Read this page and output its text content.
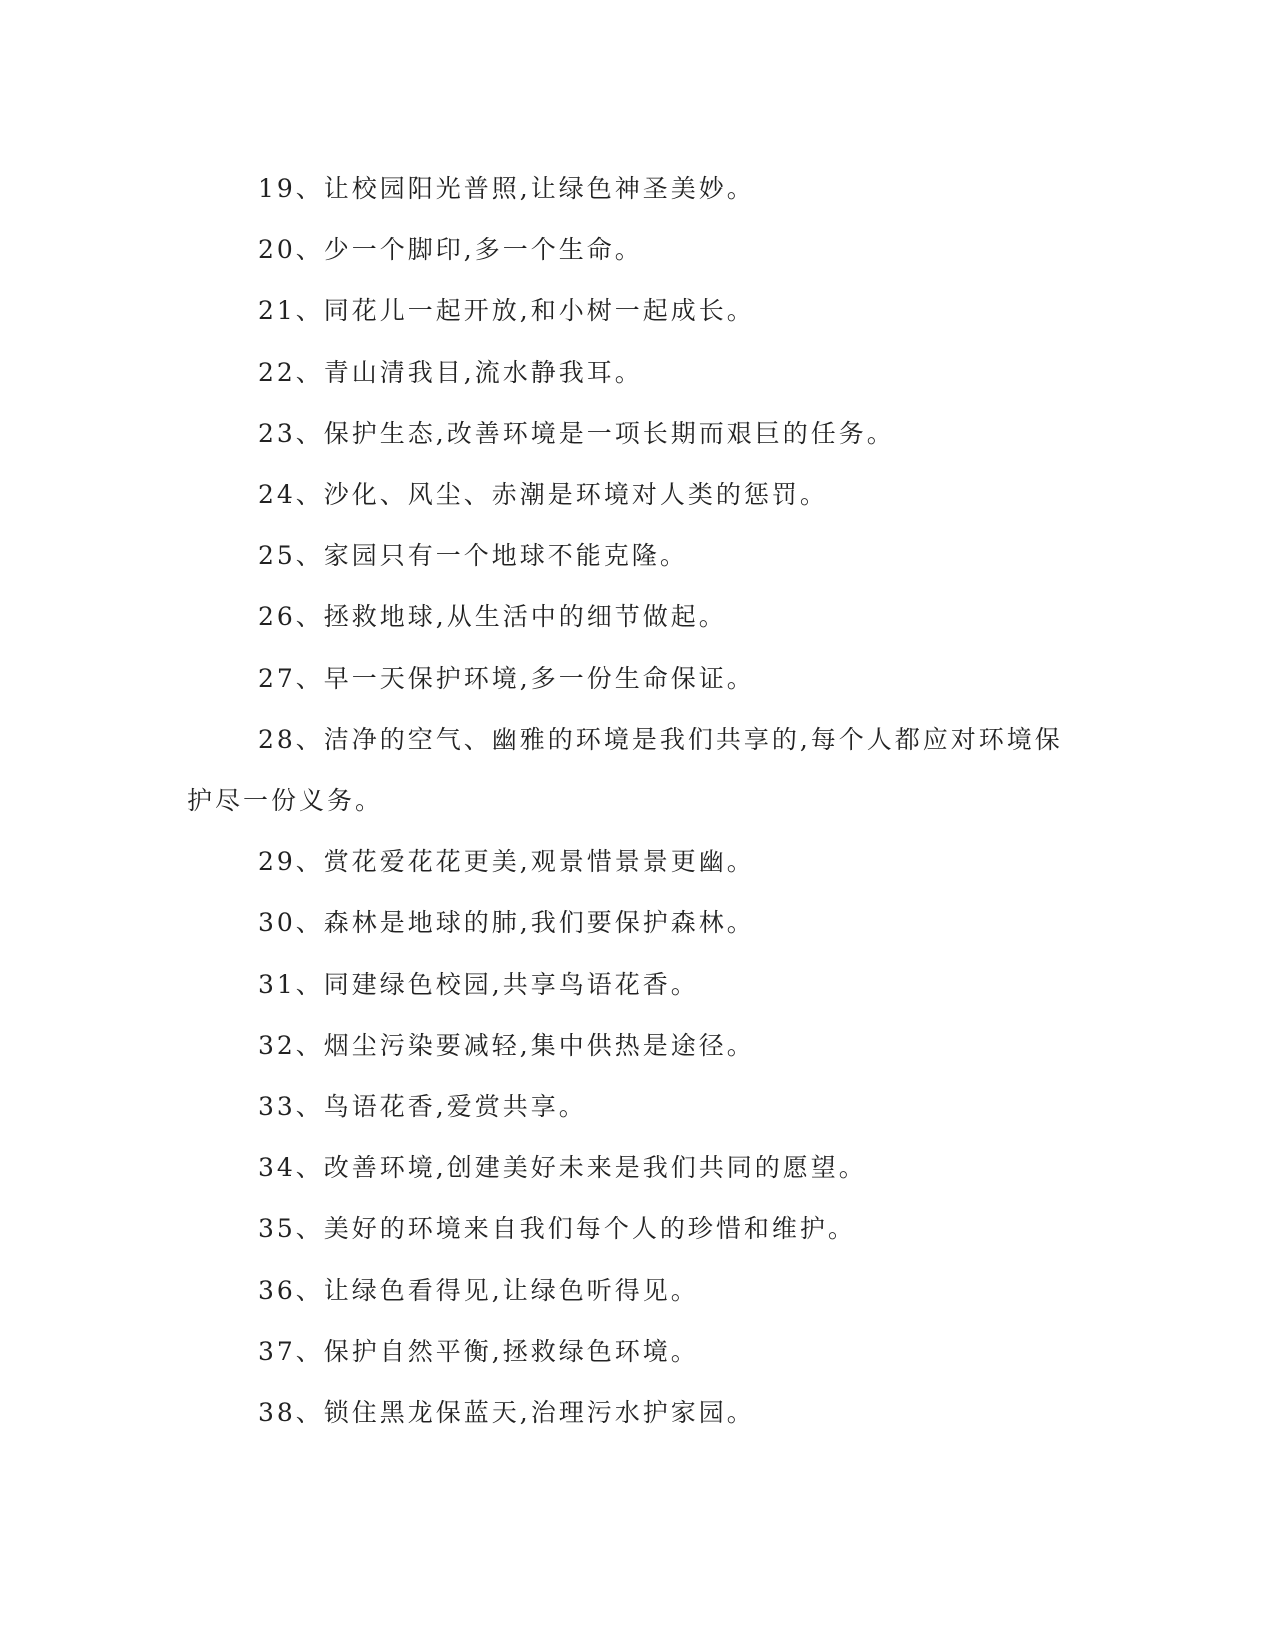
19、让校园阳光普照,让绿色神圣美妙。

20、少一个脚印,多一个生命。

21、同花儿一起开放,和小树一起成长。

22、青山清我目,流水静我耳。

23、保护生态,改善环境是一项长期而艰巨的任务。

24、沙化、风尘、赤潮是环境对人类的惩罚。

25、家园只有一个地球不能克隆。

26、拯救地球,从生活中的细节做起。

27、早一天保护环境,多一份生命保证。

28、洁净的空气、幽雅的环境是我们共享的,每个人都应对环境保护尽一份义务。

29、赏花爱花花更美,观景惜景景更幽。

30、森林是地球的肺,我们要保护森林。

31、同建绿色校园,共享鸟语花香。

32、烟尘污染要减轻,集中供热是途径。

33、鸟语花香,爱赏共享。

34、改善环境,创建美好未来是我们共同的愿望。

35、美好的环境来自我们每个人的珍惜和维护。

36、让绿色看得见,让绿色听得见。

37、保护自然平衡,拯救绿色环境。

38、锁住黑龙保蓝天,治理污水护家园。
